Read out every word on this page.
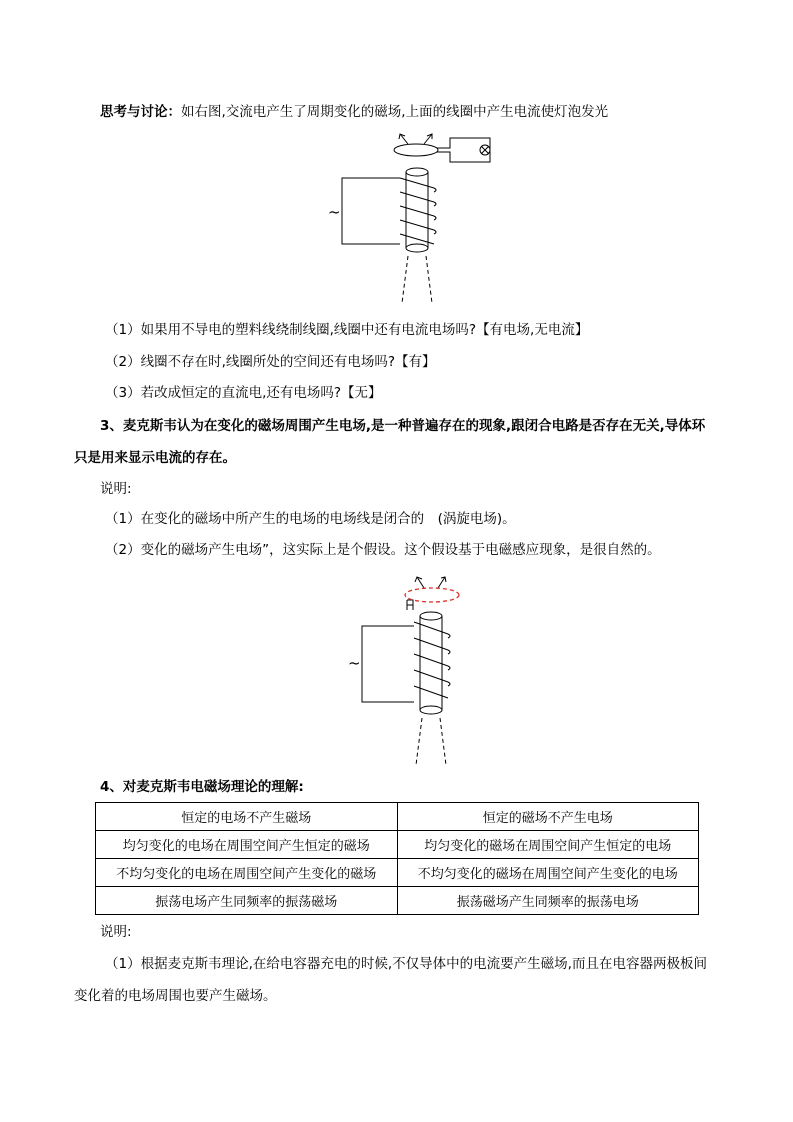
思考与讨论：如右图,交流电产生了周期变化的磁场,上面的线圈中产生电流使灯泡发光
~
（1）如果用不导电的塑料线绕制线圈,线圈中还有电流电场吗?【有电场,无电流】
（2）线圈不存在时,线圈所处的空间还有电场吗?【有】
（3）若改成恒定的直流电,还有电场吗?【无】
3、麦克斯韦认为在变化的磁场周围产生电场,是一种普遍存在的现象,跟闭合电路是否存在无关,导体环
只是用来显示电流的存在。
说明:
（1）在变化的磁场中所产生的电场的电场线是闭合的　(涡旋电场)。
（2）变化的磁场产生电场”，这实际上是个假设。这个假设基于电磁感应现象，是很自然的。
~
4、对麦克斯韦电磁场理论的理解:
恒定的电场不产生磁场	恒定的磁场不产生电场
均匀变化的电场在周围空间产生恒定的磁场	均匀变化的磁场在周围空间产生恒定的电场
不均匀变化的电场在周围空间产生变化的磁场	不均匀变化的磁场在周围空间产生变化的电场
振荡电场产生同频率的振荡磁场	振荡磁场产生同频率的振荡电场
说明:
（1）根据麦克斯韦理论,在给电容器充电的时候,不仅导体中的电流要产生磁场,而且在电容器两极板间
变化着的电场周围也要产生磁场。
